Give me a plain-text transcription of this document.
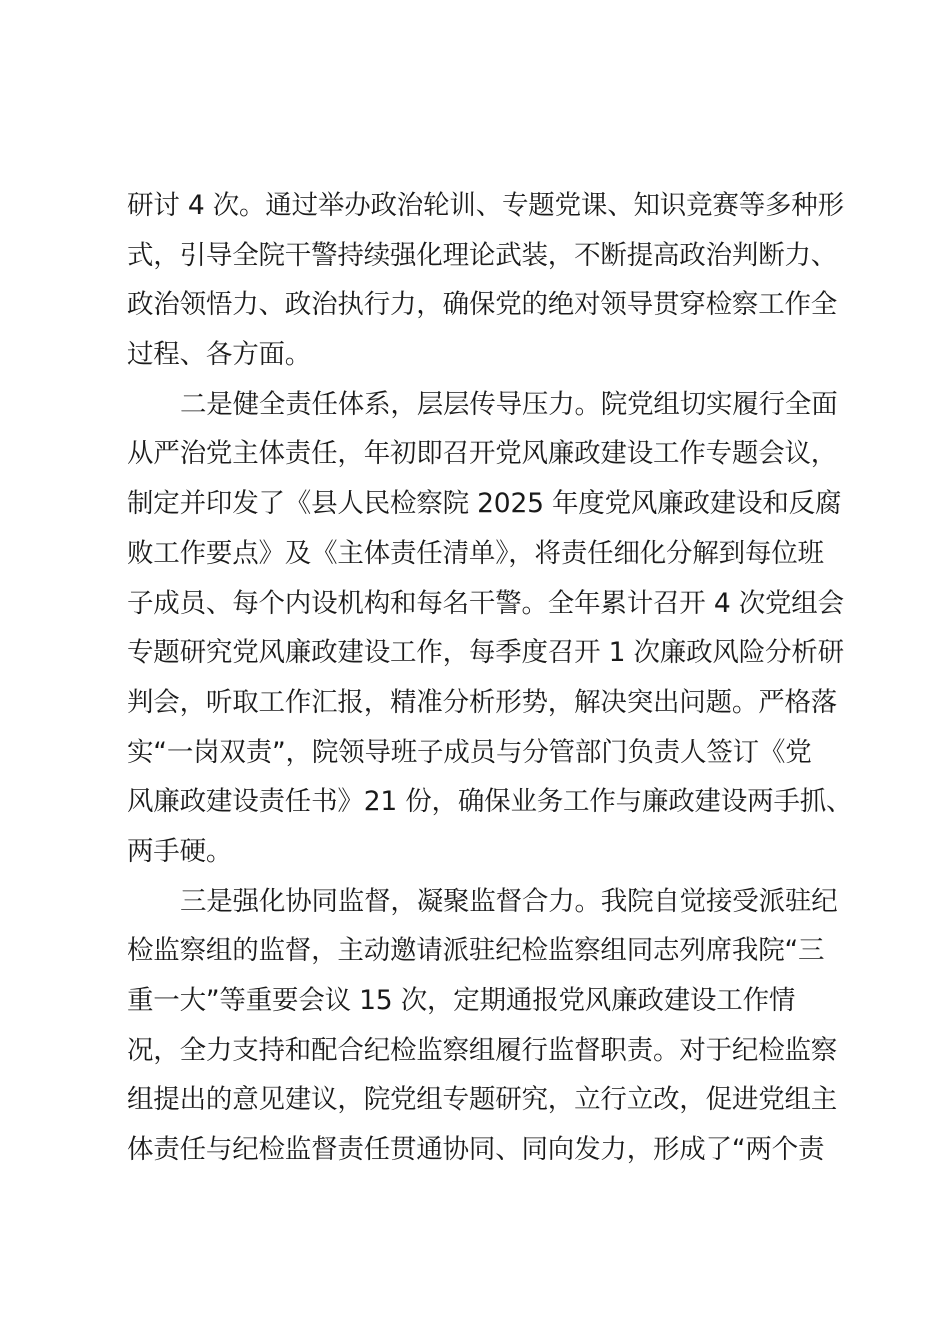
研讨 4 次。通过举办政治轮训、专题党课、知识竞赛等多种形
式，引导全院干警持续强化理论武装，不断提高政治判断力、
政治领悟力、政治执行力，确保党的绝对领导贯穿检察工作全
过程、各方面。
二是健全责任体系，层层传导压力。院党组切实履行全面
从严治党主体责任，年初即召开党风廉政建设工作专题会议，
制定并印发了《县人民检察院 2025 年度党风廉政建设和反腐
败工作要点》及《主体责任清单》，将责任细化分解到每位班
子成员、每个内设机构和每名干警。全年累计召开 4 次党组会
专题研究党风廉政建设工作，每季度召开 1 次廉政风险分析研
判会，听取工作汇报，精准分析形势，解决突出问题。严格落
实“一岗双责”，院领导班子成员与分管部门负责人签订《党
风廉政建设责任书》21 份，确保业务工作与廉政建设两手抓、
两手硬。
三是强化协同监督，凝聚监督合力。我院自觉接受派驻纪
检监察组的监督，主动邀请派驻纪检监察组同志列席我院“三
重一大”等重要会议 15 次，定期通报党风廉政建设工作情
况，全力支持和配合纪检监察组履行监督职责。对于纪检监察
组提出的意见建议，院党组专题研究，立行立改，促进党组主
体责任与纪检监督责任贯通协同、同向发力，形成了“两个责
